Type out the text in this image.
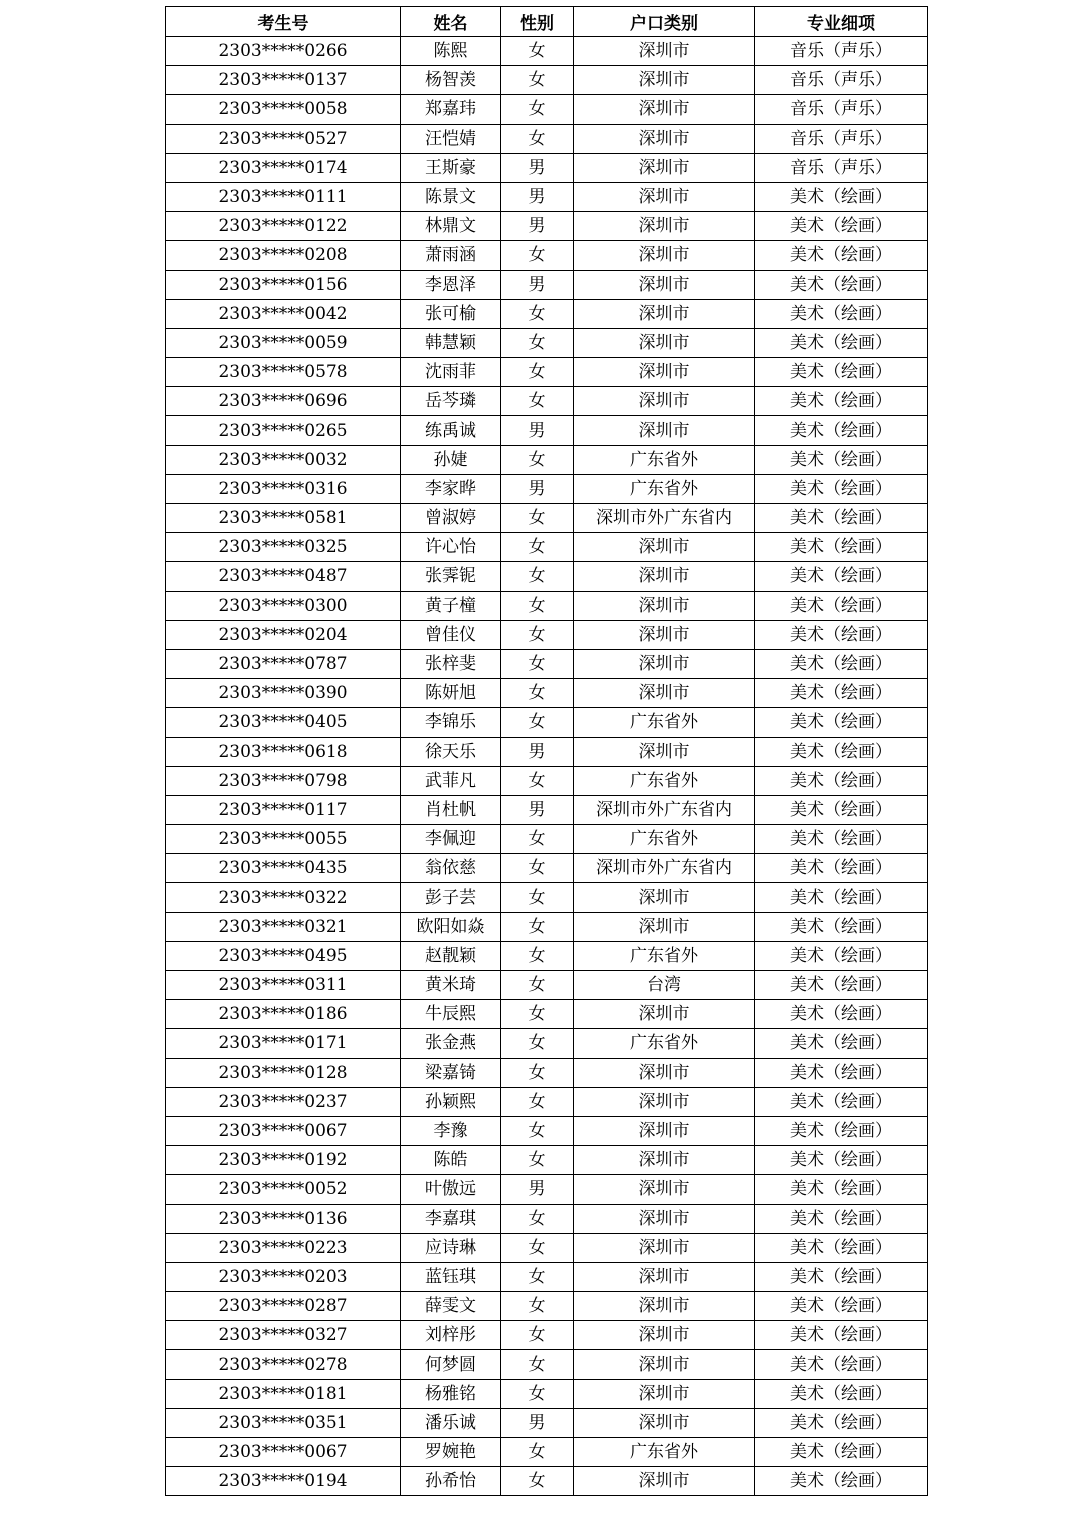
考生号	姓名	性别	户口类别	专业细项
2303*****0266	陈熙	女	深圳市	音乐（声乐）
2303*****0137	杨智羡	女	深圳市	音乐（声乐）
2303*****0058	郑嘉玮	女	深圳市	音乐（声乐）
2303*****0527	汪恺婧	女	深圳市	音乐（声乐）
2303*****0174	王斯豪	男	深圳市	音乐（声乐）
2303*****0111	陈景文	男	深圳市	美术（绘画）
2303*****0122	林鼎文	男	深圳市	美术（绘画）
2303*****0208	萧雨涵	女	深圳市	美术（绘画）
2303*****0156	李恩泽	男	深圳市	美术（绘画）
2303*****0042	张可榆	女	深圳市	美术（绘画）
2303*****0059	韩慧颖	女	深圳市	美术（绘画）
2303*****0578	沈雨菲	女	深圳市	美术（绘画）
2303*****0696	岳芩璘	女	深圳市	美术（绘画）
2303*****0265	练禹诚	男	深圳市	美术（绘画）
2303*****0032	孙婕	女	广东省外	美术（绘画）
2303*****0316	李家晔	男	广东省外	美术（绘画）
2303*****0581	曾淑婷	女	深圳市外广东省内	美术（绘画）
2303*****0325	许心怡	女	深圳市	美术（绘画）
2303*****0487	张霁铌	女	深圳市	美术（绘画）
2303*****0300	黄子橦	女	深圳市	美术（绘画）
2303*****0204	曾佳仪	女	深圳市	美术（绘画）
2303*****0787	张梓斐	女	深圳市	美术（绘画）
2303*****0390	陈妍旭	女	深圳市	美术（绘画）
2303*****0405	李锦乐	女	广东省外	美术（绘画）
2303*****0618	徐天乐	男	深圳市	美术（绘画）
2303*****0798	武菲凡	女	广东省外	美术（绘画）
2303*****0117	肖杜帆	男	深圳市外广东省内	美术（绘画）
2303*****0055	李佩迎	女	广东省外	美术（绘画）
2303*****0435	翁依慈	女	深圳市外广东省内	美术（绘画）
2303*****0322	彭子芸	女	深圳市	美术（绘画）
2303*****0321	欧阳如焱	女	深圳市	美术（绘画）
2303*****0495	赵靓颖	女	广东省外	美术（绘画）
2303*****0311	黄米琦	女	台湾	美术（绘画）
2303*****0186	牛辰熙	女	深圳市	美术（绘画）
2303*****0171	张金燕	女	广东省外	美术（绘画）
2303*****0128	梁嘉锜	女	深圳市	美术（绘画）
2303*****0237	孙颖熙	女	深圳市	美术（绘画）
2303*****0067	李豫	女	深圳市	美术（绘画）
2303*****0192	陈皓	女	深圳市	美术（绘画）
2303*****0052	叶傲远	男	深圳市	美术（绘画）
2303*****0136	李嘉琪	女	深圳市	美术（绘画）
2303*****0223	应诗琳	女	深圳市	美术（绘画）
2303*****0203	蓝钰琪	女	深圳市	美术（绘画）
2303*****0287	薛雯文	女	深圳市	美术（绘画）
2303*****0327	刘梓彤	女	深圳市	美术（绘画）
2303*****0278	何梦圆	女	深圳市	美术（绘画）
2303*****0181	杨雅铭	女	深圳市	美术（绘画）
2303*****0351	潘乐诚	男	深圳市	美术（绘画）
2303*****0067	罗婉艳	女	广东省外	美术（绘画）
2303*****0194	孙希怡	女	深圳市	美术（绘画）
